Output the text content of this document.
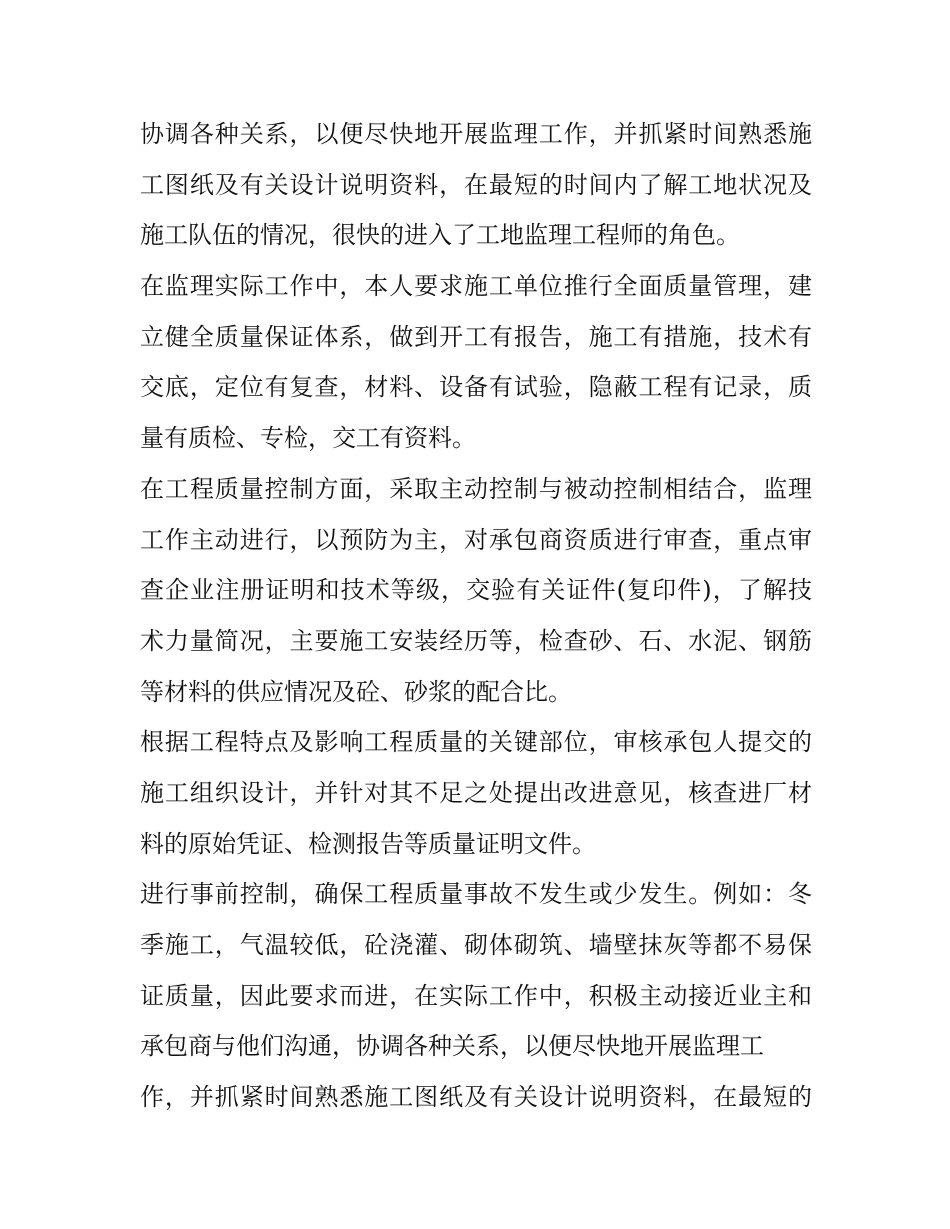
协调各种关系，以便尽快地开展监理工作，并抓紧时间熟悉施
工图纸及有关设计说明资料，在最短的时间内了解工地状况及
施工队伍的情况，很快的进入了工地监理工程师的角色。
在监理实际工作中，本人要求施工单位推行全面质量管理，建
立健全质量保证体系，做到开工有报告，施工有措施，技术有
交底，定位有复查，材料、设备有试验，隐蔽工程有记录，质
量有质检、专检，交工有资料。
在工程质量控制方面，采取主动控制与被动控制相结合，监理
工作主动进行，以预防为主，对承包商资质进行审查，重点审
查企业注册证明和技术等级，交验有关证件(复印件)，了解技
术力量简况，主要施工安装经历等，检查砂、石、水泥、钢筋
等材料的供应情况及砼、砂浆的配合比。
根据工程特点及影响工程质量的关键部位，审核承包人提交的
施工组织设计，并针对其不足之处提出改进意见，核查进厂材
料的原始凭证、检测报告等质量证明文件。
进行事前控制，确保工程质量事故不发生或少发生。例如：冬
季施工，气温较低，砼浇灌、砌体砌筑、墙壁抹灰等都不易保
证质量，因此要求而进，在实际工作中，积极主动接近业主和
承包商与他们沟通，协调各种关系，以便尽快地开展监理工
作，并抓紧时间熟悉施工图纸及有关设计说明资料，在最短的
